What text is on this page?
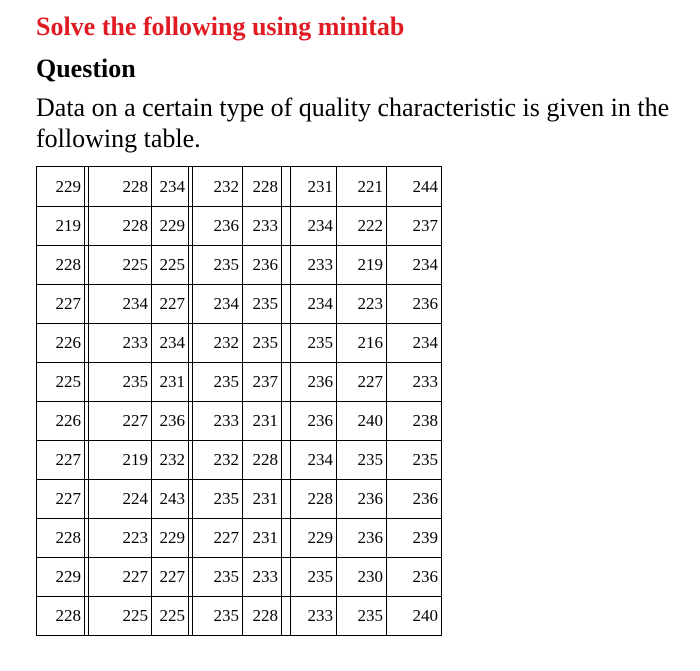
Solve the following using minitab
Question
Data on a certain type of quality characteristic is given in the following table.
229		228	234		232	228		231	221	244
219		228	229		236	233		234	222	237
228		225	225		235	236		233	219	234
227		234	227		234	235		234	223	236
226		233	234		232	235		235	216	234
225		235	231		235	237		236	227	233
226		227	236		233	231		236	240	238
227		219	232		232	228		234	235	235
227		224	243		235	231		228	236	236
228		223	229		227	231		229	236	239
229		227	227		235	233		235	230	236
228		225	225		235	228		233	235	240
